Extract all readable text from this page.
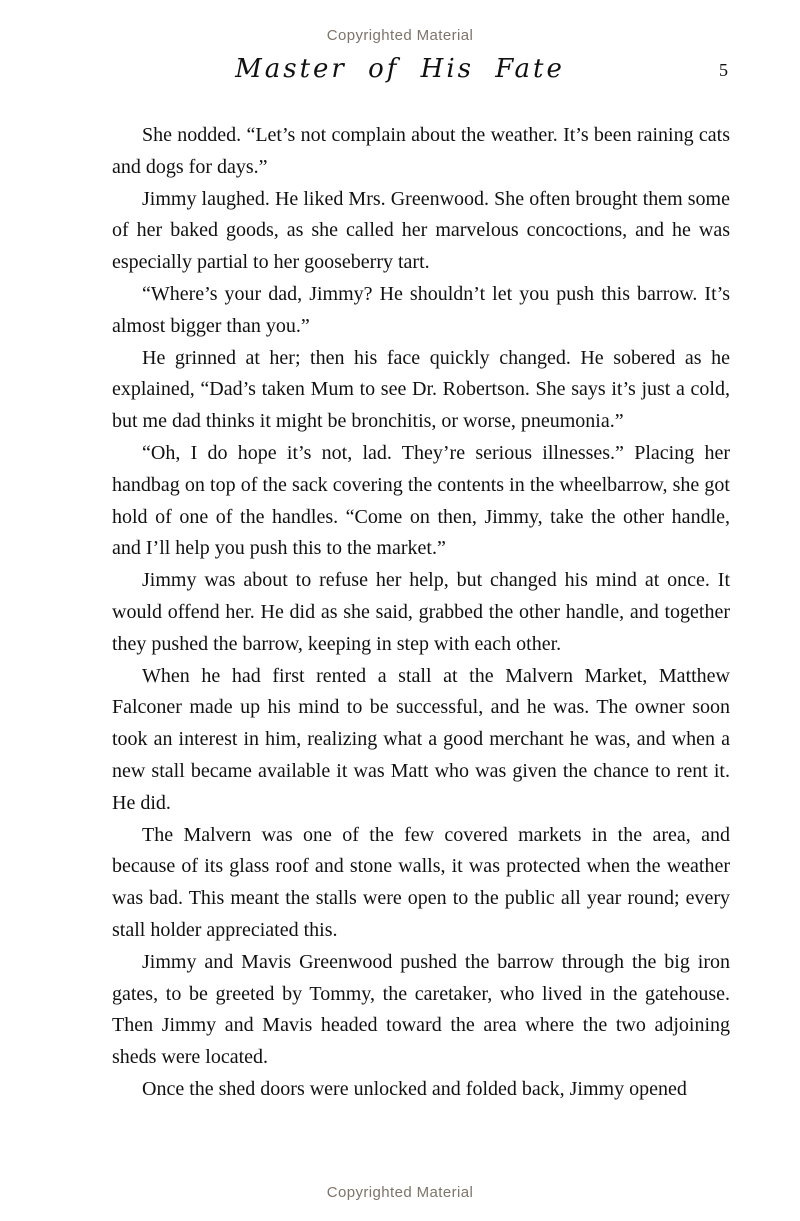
Copyrighted Material
Master of His Fate	5

She nodded. “Let’s not complain about the weather. It’s been raining cats and dogs for days.”

Jimmy laughed. He liked Mrs. Greenwood. She often brought them some of her baked goods, as she called her marvelous concoctions, and he was especially partial to her gooseberry tart.

“Where’s your dad, Jimmy? He shouldn’t let you push this barrow. It’s almost bigger than you.”

He grinned at her; then his face quickly changed. He sobered as he explained, “Dad’s taken Mum to see Dr. Robertson. She says it’s just a cold, but me dad thinks it might be bronchitis, or worse, pneumonia.”

“Oh, I do hope it’s not, lad. They’re serious illnesses.” Placing her handbag on top of the sack covering the contents in the wheelbarrow, she got hold of one of the handles. “Come on then, Jimmy, take the other handle, and I’ll help you push this to the market.”

Jimmy was about to refuse her help, but changed his mind at once. It would offend her. He did as she said, grabbed the other handle, and together they pushed the barrow, keeping in step with each other.

When he had first rented a stall at the Malvern Market, Matthew Falconer made up his mind to be successful, and he was. The owner soon took an interest in him, realizing what a good merchant he was, and when a new stall became available it was Matt who was given the chance to rent it. He did.

The Malvern was one of the few covered markets in the area, and because of its glass roof and stone walls, it was protected when the weather was bad. This meant the stalls were open to the public all year round; every stall holder appreciated this.

Jimmy and Mavis Greenwood pushed the barrow through the big iron gates, to be greeted by Tommy, the caretaker, who lived in the gatehouse. Then Jimmy and Mavis headed toward the area where the two adjoining sheds were located.

Once the shed doors were unlocked and folded back, Jimmy opened

Copyrighted Material
